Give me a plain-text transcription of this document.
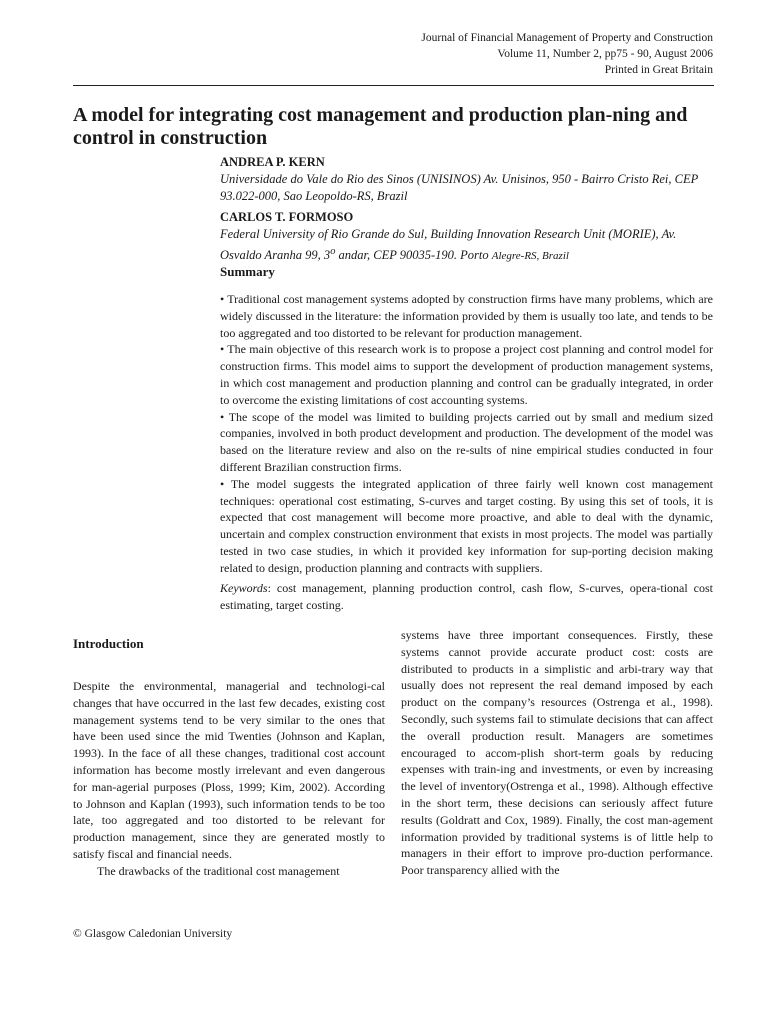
Journal of Financial Management of Property and Construction
Volume 11, Number 2, pp75 - 90, August 2006
Printed in Great Britain
A model for integrating cost management and production plan-ning and control in construction
ANDREA P. KERN
Universidade do Vale do Rio des Sinos (UNISINOS) Av. Unisinos, 950 - Bairro Cristo Rei, CEP 93.022-000, Sao Leopoldo-RS, Brazil
CARLOS T. FORMOSO
Federal University of Rio Grande do Sul, Building Innovation Research Unit (MORIE), Av. Osvaldo Aranha 99, 3$^o$ andar, CEP 90035-190. Porto Alegre-RS, Brazil
Summary

• Traditional cost management systems adopted by construction firms have many problems, which are widely discussed in the literature: the information provided by them is usually too late, and tends to be too aggregated and too distorted to be relevant for production management.

• The main objective of this research work is to propose a project cost planning and control model for construction firms. This model aims to support the development of production management systems, in which cost management and production planning and control can be gradually integrated, in order to overcome the existing limitations of cost accounting systems.

• The scope of the model was limited to building projects carried out by small and medium sized companies, involved in both product development and production. The development of the model was based on the literature review and also on the re-sults of nine empirical studies conducted in four different Brazilian construction firms.

• The model suggests the integrated application of three fairly well known cost management techniques: operational cost estimating, S-curves and target costing. By using this set of tools, it is expected that cost management will become more proactive, and able to deal with the dynamic, uncertain and complex construction environment that exists in most projects. The model was partially tested in two case studies, in which it provided key information for sup-porting decision making related to design, production planning and contracts with suppliers.

Keywords: cost management, planning production control, cash flow, S-curves, opera-tional cost estimating, target costing.
Introduction

Despite the environmental, managerial and technologi-cal changes that have occurred in the last few decades, existing cost management systems tend to be very similar to the ones that have been used since the mid Twenties (Johnson and Kaplan, 1993). In the face of all these changes, traditional cost account information has become mostly irrelevant and even dangerous for man-agerial purposes (Ploss, 1999; Kim, 2002). According to Johnson and Kaplan (1993), such information tends to be too late, too aggregated and too distorted to be relevant for production management, since they are generated mostly to satisfy fiscal and financial needs.

The drawbacks of the traditional cost management

systems have three important consequences. Firstly, these systems cannot provide accurate product cost: costs are distributed to products in a simplistic and arbi-trary way that usually does not represent the real demand imposed by each product on the company’s resources (Ostrenga et al., 1998). Secondly, such systems fail to stimulate decisions that can affect the overall production result. Managers are sometimes encouraged to accom-plish short-term goals by reducing expenses with train-ing and investments, or even by increasing the level of inventory(Ostrenga et al., 1998). Although effective in the short term, these decisions can seriously affect future results (Goldratt and Cox, 1989). Finally, the cost man-agement information provided by traditional systems is of little help to managers in their effort to improve pro-duction performance. Poor transparency allied with the

© Glasgow Caledonian University
